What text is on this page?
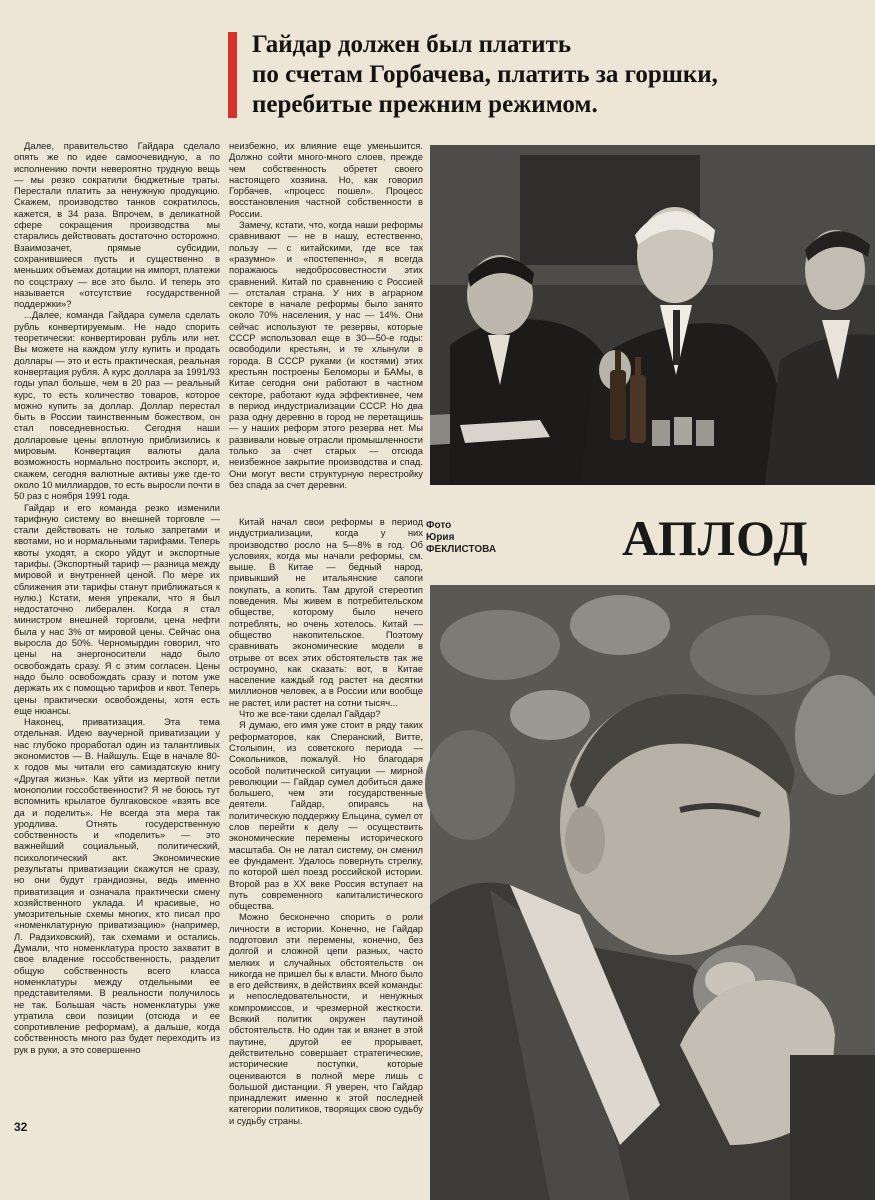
Гайдар должен был платить
по счетам Горбачева, платить за горшки,
перебитые прежним режимом.

Далее, правительство Гайдара сделало опять же по идее самоочевидную, а по исполнению почти невероятно трудную вещь — мы резко сократили бюджетные траты. Перестали платить за ненужную продукцию. Скажем, производство танков сократилось, кажется, в 34 раза. Впрочем, в деликатной сфере сокращения производства мы старались действовать достаточно осторожно. Взаимозачет, прямые субсидии, сохранившиеся пусть и существенно в меньших объемах дотации на импорт, платежи по соцстраху — все это было. И теперь это называется «отсутствие государственной поддержки»?

...Далее, команда Гайдара сумела сделать рубль конвертируемым. Не надо спорить теоретически: конвертирован рубль или нет. Вы можете на каждом углу купить и продать доллары — это и есть практическая, реальная конвертация рубля. А курс доллара за 1991/93 годы упал больше, чем в 20 раз — реальный курс, то есть количество товаров, которое можно купить за доллар. Доллар перестал быть в России таинственным божеством, он стал повседневностью. Сегодня наши долларовые цены вплотную приблизились к мировым. Конвертация валюты дала возможность нормально построить экспорт, и, скажем, сегодня валютные активы уже где-то около 10 миллиардов, то есть выросли почти в 50 раз с ноября 1991 года.

Гайдар и его команда резко изменили тарифную систему во внешней торговле — стали действовать не только запретами и квотами, но и нормальными тарифами. Теперь квоты уходят, а скоро уйдут и экспортные тарифы. (Экспортный тариф — разница между мировой и внутренней ценой. По мере их сближения эти тарифы станут приближаться к нулю.) Кстати, меня упрекали, что я был недостаточно либерален. Когда я стал министром внешней торговли, цена нефти была у нас 3% от мировой цены. Сейчас она выросла до 50%. Черномырдин говорил, что цены на энергоносители надо было освобождать сразу. Я с этим согласен. Цены надо было освобождать сразу и потом уже держать их с помощью тарифов и квот. Теперь цены практически освобождены, хотя есть еще нюансы.

Наконец, приватизация. Эта тема отдельная. Идею ваучерной приватизации у нас глубоко проработал один из талантливых экономистов — В. Найшуль. Еще в начале 80-х годов мы читали его самиздатскую книгу «Другая жизнь». Как уйти из мертвой петли монополии госсобственности? Я не боюсь тут вспомнить крылатое булгаковское «взять все да и поделить». Не всегда эта мера так уродлива. Отнять госудерственную собственность и «поделить» — это важнейший социальный, политический, психологический акт. Экономические результаты приватизации скажутся не сразу, но они будут грандиозны, ведь именно приватизация и означала практически смену хозяйственного уклада. И красивые, но умозрительные схемы многих, кто писал про «номенклатурную приватизацию» (например, Л. Радзиховский), так схемами и остались. Думали, что номенклатура просто захватит в свое владение госсобственность, разделит общую собственность всего класса номенклатуры между отдельными ее представителями. В реальности получилось не так. Большая часть номенклатуры уже утратила свои позиции (отсюда и ее сопротивление реформам), а дальше, когда собственность много раз будет переходить из рук в руки, а это совершенно

неизбежно, их влияние еще уменьшится. Должно сойти много-много слоев, прежде чем собственность обретет своего настоящего хозяина. Но, как говорил Горбачев, «процесс пошел». Процесс восстановления частной собственности в России.

Замечу, кстати, что, когда наши реформы сравнивают — не в нашу, естественно, пользу — с китайскими, где все так «разумно» и «постепенно», я всегда поражаюсь недобросовестности этих сравнений. Китай по сравнению с Россией — отсталая страна. У них в аграрном секторе в начале реформы было занято около 70% населения, у нас — 14%. Они сейчас используют те резервы, которые СССР использовал еще в 30—50-е годы: освободили крестьян, и те хлынули в города. В СССР руками (и костями) этих крестьян построены Беломоры и БАМы, в Китае сегодня они работают в частном секторе, работают куда эффективнее, чем в период индустриализации СССР. Но два раза одну деревню в город не перетащишь — у наших реформ этого резерва нет. Мы развивали новые отрасли промышленности только за счет старых — отсюда неизбежное закрытие производства и спад. Они могут вести структурную перестройку без спада за счет деревни.

Китай начал свои реформы в период индустриализации, когда у них производство росло на 5—8% в год. Об условиях, когда мы начали реформы, см. выше. В Китае — бедный народ, привыкший не итальянские сапоги покупать, а копить. Там другой стереотип поведения. Мы живем в потребительском обществе, которому было нечего потреблять, но очень хотелось. Китай — общество накопительское. Поэтому сравнивать экономические модели в отрыве от всех этих обстоятельств так же остроумно, как сказать: вот, в Китае население каждый год растет на десятки миллионов человек, а в России или вообще не растет, или растет на сотни тысяч...

Что же все-таки сделал Гайдар?

Я думаю, его имя уже стоит в ряду таких реформаторов, как Сперанский, Витте, Столыпин, из советского периода — Сокольников, пожалуй. Но благодаря особой политической ситуации — мирной революции — Гайдар сумел добиться даже большего, чем эти государственные деятели. Гайдар, опираясь на политическую поддержку Ельцина, сумел от слов перейти к делу — осуществить экономические перемены исторического масштаба. Он не латал систему, он сменил ее фундамент. Удалось повернуть стрелку, по которой шел поезд российской истории. Второй раз в XX веке Россия вступает на путь современного капиталистического общества.

Можно бесконечно спорить о роли личности в истории. Конечно, не Гайдар подготовил эти перемены, конечно, без долгой и сложной цепи разных, часто мелких и случайных обстоятельств он никогда не пришел бы к власти. Много было в его действиях, в действиях всей команды: и непоследовательности, и ненужных компромиссов, и чрезмерной жесткости. Всякий политик окружен паутиной обстоятельств. Но один так и вязнет в этой паутине, другой ее прорывает, действительно совершает стратегические, исторические поступки, которые оцениваются в полной мере лишь с большой дистанции. Я уверен, что Гайдар принадлежит именно к этой последней категории политиков, творящих свою судьбу и судьбу страны.

Фото
Юрия
ФЕКЛИСТОВА	АПЛОД
32
